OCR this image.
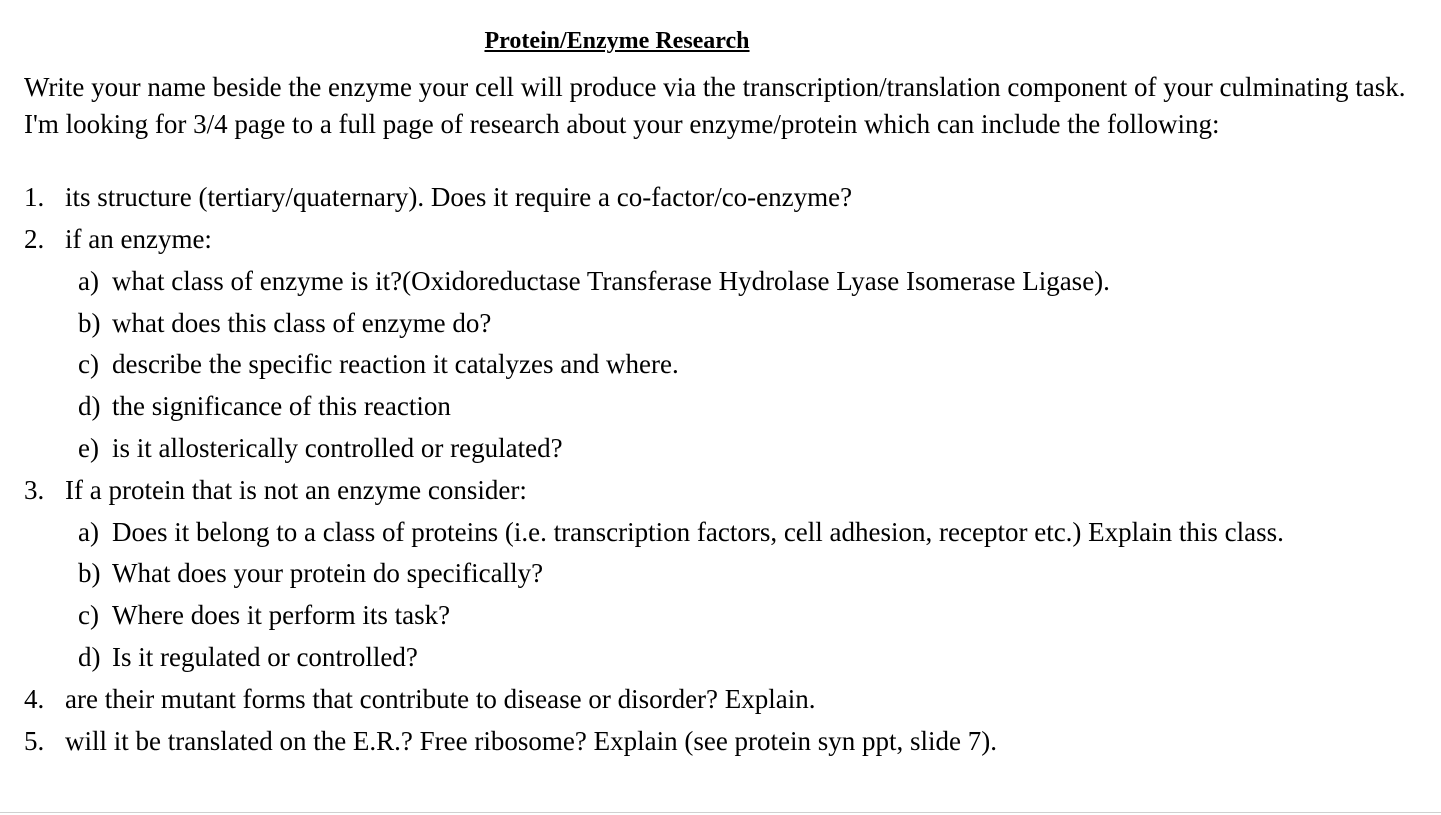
Protein/Enzyme Research
Write your name beside the enzyme your cell will produce via the transcription/translation component of your culminating task. I'm looking for 3/4 page to a full page of research about your enzyme/protein which can include the following:
1. its structure (tertiary/quaternary). Does it require a co-factor/co-enzyme?
2. if an enzyme:
a) what class of enzyme is it?(Oxidoreductase Transferase Hydrolase Lyase Isomerase Ligase).
b) what does this class of enzyme do?
c) describe the specific reaction it catalyzes and where.
d) the significance of this reaction
e) is it allosterically controlled or regulated?
3. If a protein that is not an enzyme consider:
a) Does it belong to a class of proteins (i.e. transcription factors, cell adhesion, receptor etc.) Explain this class.
b) What does your protein do specifically?
c) Where does it perform its task?
d) Is it regulated or controlled?
4. are their mutant forms that contribute to disease or disorder? Explain.
5. will it be translated on the E.R.? Free ribosome? Explain (see protein syn ppt, slide 7).
